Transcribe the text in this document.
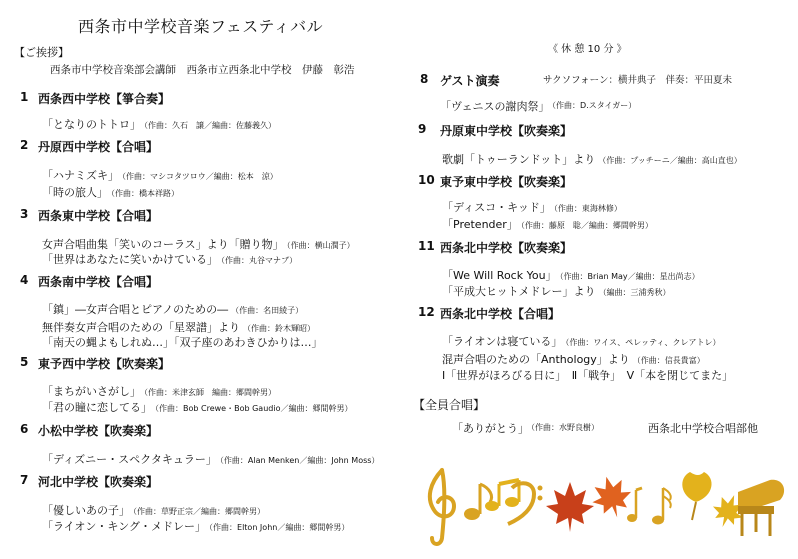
西条市中学校音楽フェスティバル
【ご挨拶】
西条市中学校音楽部会講師　西条市立西条北中学校　伊藤　彰浩
1 西条西中学校【箏合奏】
「となりのトトロ」 （作曲：久石　譲／編曲：佐藤義久）
2 丹原西中学校【合唱】
「ハナミズキ」 （作曲：マシコタツロウ／編曲：松本　涼）
「時の旅人」 （作曲：橋本祥路）
3 西条東中学校【合唱】
女声合唱曲集「笑いのコーラス」より「贈り物」 （作曲：横山潤子）
「世界はあなたに笑いかけている」 （作曲：丸谷マナブ）
4 西条南中学校【合唱】
「鎮」―女声合唱とピアノのための― （作曲：名田綾子）
無伴奏女声合唱のための「星翠譜」より （作曲：鈴木輝昭）
「南天の蝿よもしれぬ…」「双子座のあわきひかりは…」
5 東予西中学校【吹奏楽】
「まちがいさがし」 （作曲：米津玄師　編曲：郷間幹男）
「君の瞳に恋してる」 （作曲：Bob Crewe・Bob Gaudio／編曲：郷間幹男）
6 小松中学校【吹奏楽】
「ディズニー・スペクタキュラー」 （作曲：Alan Menken／編曲：John Moss）
7 河北中学校【吹奏楽】
「優しいあの子」 （作曲：草野正宗／編曲：郷間幹男）
「ライオン・キング・メドレー」 （作曲：Elton John／編曲：郷間幹男）
《 休 憩 10 分 》
8 ゲスト演奏	サクソフォーン：横井典子　伴奏：平田夏未
「ヴェニスの謝肉祭」
（作曲：D.スタイガー）
9 丹原東中学校【吹奏楽】
歌劇「トゥーランドット」より （作曲：プッチーニ／編曲：高山直也）
10 東予東中学校【吹奏楽】
「ディスコ・キッド」 （作曲：東海林修）
「Pretender」 （作曲：藤原　聡／編曲：郷間幹男）
11 西条北中学校【吹奏楽】
「We Will Rock You」 （作曲：Brian May／編曲：星出尚志）
「平成大ヒットメドレー」より （編曲：三浦秀秋）
12 西条北中学校【合唱】
「ライオンは寝ている」 （作曲：ワイス、ペレッティ、クレアトレ）
混声合唱のための「Anthology」より （作曲：信長貴富）
Ⅰ「世界がほろびる日に」　Ⅱ「戦争」　Ⅴ「本を閉じてまた」
【全員合唱】
「ありがとう」
（作曲：水野良樹）	西条北中学校合唱部他
